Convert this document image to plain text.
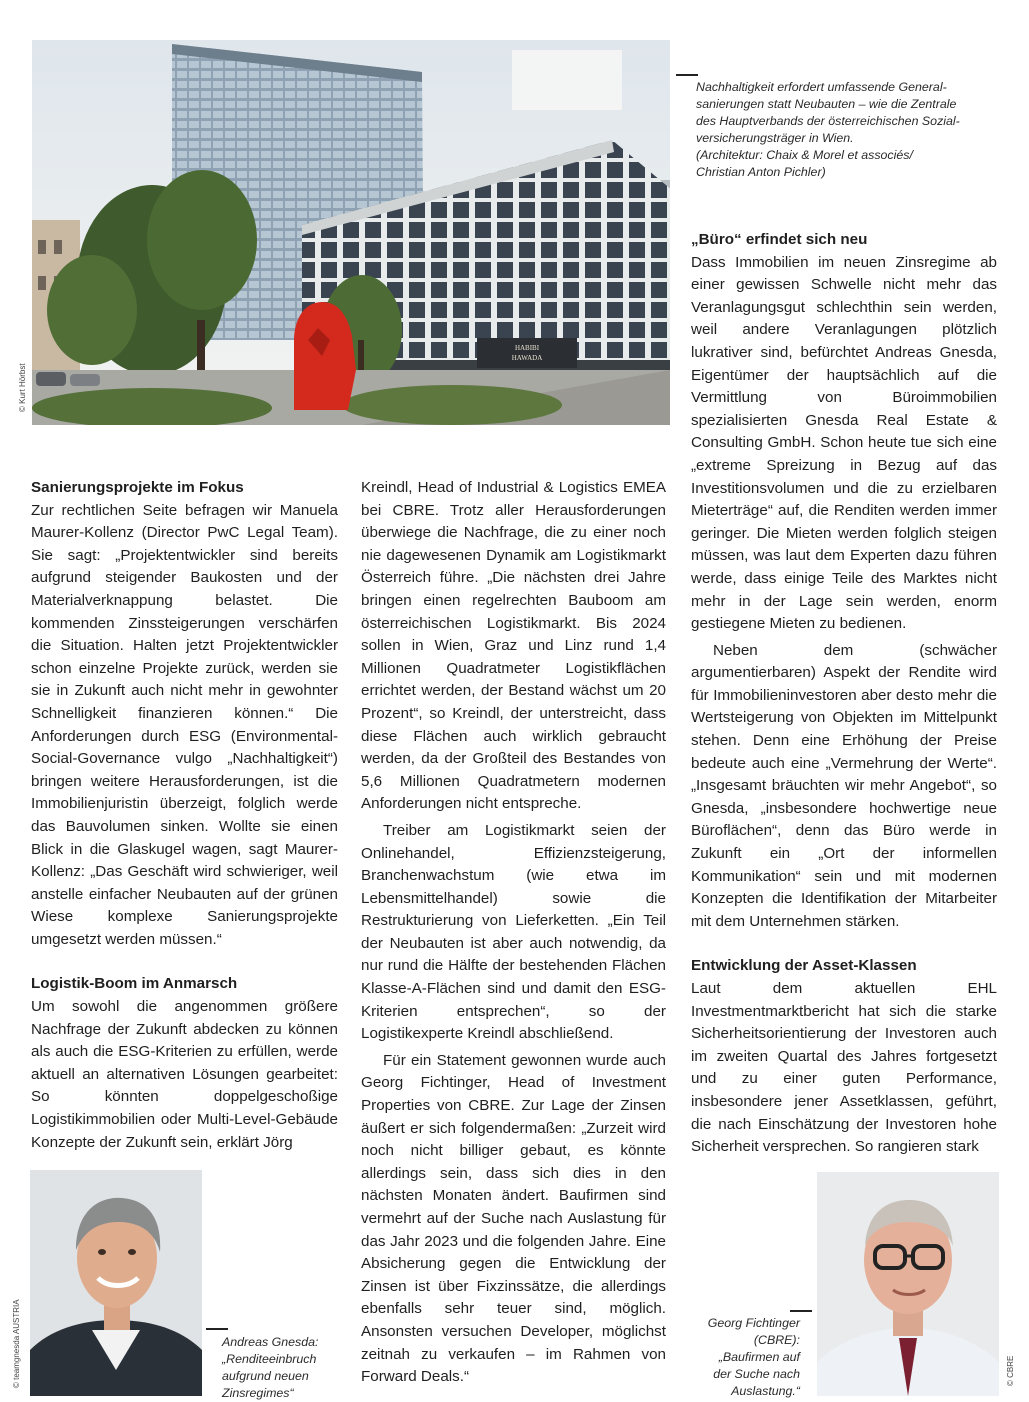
HABIBI
HAWADA
© Kurt Hörbst

Nachhaltigkeit erfordert umfassende General-

sanierungen statt Neubauten – wie die Zentrale

des Hauptverbands der österreichischen Sozial-

versicherungsträger in Wien.

(Architektur: Chaix & Morel et associés/

Christian Anton Pichler)

Sanierungsprojekte im Fokus

Zur rechtlichen Seite befragen wir Manuela Maurer-Kollenz (Director PwC Legal Team). Sie sagt: „Projektentwickler sind bereits aufgrund steigender Baukosten und der Materialverknappung belastet. Die kommenden Zinssteigerungen verschärfen die Situation. Halten jetzt Projektentwickler schon einzelne Projekte zurück, werden sie sie in Zukunft auch nicht mehr in gewohnter Schnelligkeit finanzieren können.“ Die Anforderungen durch ESG (Environmental-Social-Governance vulgo „Nachhaltigkeit“) bringen weitere Herausforderungen, ist die Immobilienjuristin überzeigt, folglich werde das Bauvolumen sinken. Wollte sie einen Blick in die Glaskugel wagen, sagt Maurer-Kollenz: „Das Geschäft wird schwieriger, weil anstelle einfacher Neubauten auf der grünen Wiese komplexe Sanierungsprojekte umgesetzt werden müssen.“

Logistik-Boom im Anmarsch

Um sowohl die angenommen größere Nachfrage der Zukunft abdecken zu können als auch die ESG-Kriterien zu erfüllen, werde aktuell an alternativen Lösungen gearbeitet: So könnten doppelgeschoßige Logistikimmobilien oder Multi-Level-Gebäude Konzepte der Zukunft sein, erklärt Jörg

© teamgnesda AUSTRIA	Andreas Gnesda:

„Renditeeinbruch

aufgrund neuen

Zinsregimes“

Kreindl, Head of Industrial & Logistics EMEA bei CBRE. Trotz aller Herausforderungen überwiege die Nachfrage, die zu einer noch nie dagewesenen Dynamik am Logistikmarkt Österreich führe. „Die nächsten drei Jahre bringen einen regelrechten Bauboom am österreichischen Logistikmarkt. Bis 2024 sollen in Wien, Graz und Linz rund 1,4 Millionen Quadratmeter Logistikflächen errichtet werden, der Bestand wächst um 20 Prozent“, so Kreindl, der unterstreicht, dass diese Flächen auch wirklich gebraucht werden, da der Großteil des Bestandes von 5,6 Millionen Quadratmetern modernen Anforderungen nicht entspreche.

Treiber am Logistikmarkt seien der Onlinehandel, Effizienzsteigerung, Branchenwachstum (wie etwa im Lebensmittelhandel) sowie die Restrukturierung von Lieferketten. „Ein Teil der Neubauten ist aber auch notwendig, da nur rund die Hälfte der bestehenden Flächen Klasse-A-Flächen sind und damit den ESG-Kriterien entsprechen“, so der Logistikexperte Kreindl abschließend.

Für ein Statement gewonnen wurde auch Georg Fichtinger, Head of Investment Properties von CBRE. Zur Lage der Zinsen äußert er sich folgendermaßen: „Zurzeit wird noch nicht billiger gebaut, es könnte allerdings sein, dass sich dies in den nächsten Monaten ändert. Baufirmen sind vermehrt auf der Suche nach Auslastung für das Jahr 2023 und die folgenden Jahre. Eine Absicherung gegen die Entwicklung der Zinsen ist über Fixzinssätze, die allerdings ebenfalls sehr teuer sind, möglich. Ansonsten versuchen Developer, möglichst zeitnah zu verkaufen – im Rahmen von Forward Deals.“

„Büro“ erfindet sich neu

Dass Immobilien im neuen Zinsregime ab einer gewissen Schwelle nicht mehr das Veranlagungsgut schlechthin sein werden, weil andere Veranlagungen plötzlich lukrativer sind, befürchtet Andreas Gnesda, Eigentümer der hauptsächlich auf die Vermittlung von Büroimmobilien spezialisierten Gnesda Real Estate & Consulting GmbH. Schon heute tue sich eine „extreme Spreizung in Bezug auf das Investitionsvolumen und die zu erzielbaren Mieterträge“ auf, die Renditen werden immer geringer. Die Mieten werden folglich steigen müssen, was laut dem Experten dazu führen werde, dass einige Teile des Marktes nicht mehr in der Lage sein werden, enorm gestiegene Mieten zu bedienen.

Neben dem (schwächer argumentierbaren) Aspekt der Rendite wird für Immobilieninvestoren aber desto mehr die Wertsteigerung von Objekten im Mittelpunkt stehen. Denn eine Erhöhung der Preise bedeute auch eine „Vermehrung der Werte“. „Insgesamt bräuchten wir mehr Angebot“, so Gnesda, „insbesondere hochwertige neue Büroflächen“, denn das Büro werde in Zukunft ein „Ort der informellen Kommunikation“ sein und mit modernen Konzepten die Identifikation der Mitarbeiter mit dem Unternehmen stärken.

Entwicklung der Asset-Klassen

Laut dem aktuellen EHL Investmentmarktbericht hat sich die starke Sicherheitsorientierung der Investoren auch im zweiten Quartal des Jahres fortgesetzt und zu einer guten Performance, insbesondere jener Assetklassen, geführt, die nach Einschätzung der Investoren hohe Sicherheit versprechen. So rangieren stark

© CBRE

Georg Fichtinger

(CBRE):

„Baufirmen auf

der Suche nach

Auslastung.“
